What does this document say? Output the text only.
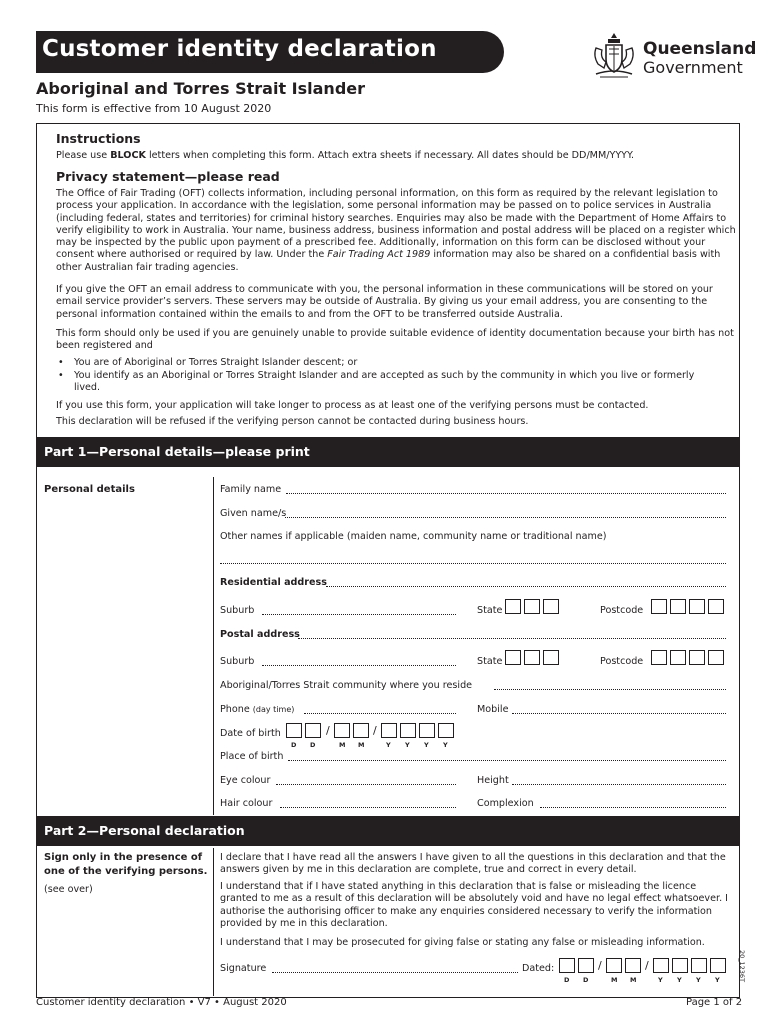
Customer identity declaration	Queensland
Government
Aboriginal and Torres Strait Islander
This form is effective from 10 August 2020
Instructions
Please use BLOCK letters when completing this form. Attach extra sheets if necessary. All dates should be DD/MM/YYYY.
Privacy statement—please read
The Office of Fair Trading (OFT) collects information, including personal information, on this form as required by the relevant legislation to process your application. In accordance with the legislation, some personal information may be passed on to police services in Australia (including federal, states and territories) for criminal history searches. Enquiries may also be made with the Department of Home Affairs to verify eligibility to work in Australia. Your name, business address, business information and postal address will be placed on a register which may be inspected by the public upon payment of a prescribed fee. Additionally, information on this form can be disclosed without your consent where authorised or required by law. Under the Fair Trading Act 1989 information may also be shared on a confidential basis with other Australian fair trading agencies.
If you give the OFT an email address to communicate with you, the personal information in these communications will be stored on your email service provider’s servers. These servers may be outside of Australia. By giving us your email address, you are consenting to the personal information contained within the emails to and from the OFT to be transferred outside Australia.
This form should only be used if you are genuinely unable to provide suitable evidence of identity documentation because your birth has not been registered and
• You are of Aboriginal or Torres Straight Islander descent; or
• You identify as an Aboriginal or Torres Straight Islander and are accepted as such by the community in which you live or formerly lived.
If you use this form, your application will take longer to process as at least one of the verifying persons must be contacted.
This declaration will be refused if the verifying person cannot be contacted during business hours.
Part 1—Personal details—please print
Personal details	Family name
Given name/s
Other names if applicable (maiden name, community name or traditional name)
Residential address
Suburb	State	Postcode
Postal address
Suburb	State	Postcode
Aboriginal/Torres Strait community where you reside
Phone (day time)	Mobile
Date of birth	/	/
D D	M M	Y Y Y Y
Place of birth
Eye colour	Height
Hair colour	Complexion
Part 2—Personal declaration
Sign only in the presence of
one of the verifying persons.
(see over)
I declare that I have read all the answers I have given to all the questions in this declaration and that the answers given by me in this declaration are complete, true and correct in every detail.
I understand that if I have stated anything in this declaration that is false or misleading the licence granted to me as a result of this declaration will be absolutely void and have no legal effect whatsoever. I authorise the authorising officer to make any enquiries considered necessary to verify the information provided by me in this declaration.
I understand that I may be prosecuted for giving false or stating any false or misleading information.
Signature	Dated:	/	/
D D	M M	Y Y Y Y	20_1236T
Customer identity declaration • V7 • August 2020	Page 1 of 2
